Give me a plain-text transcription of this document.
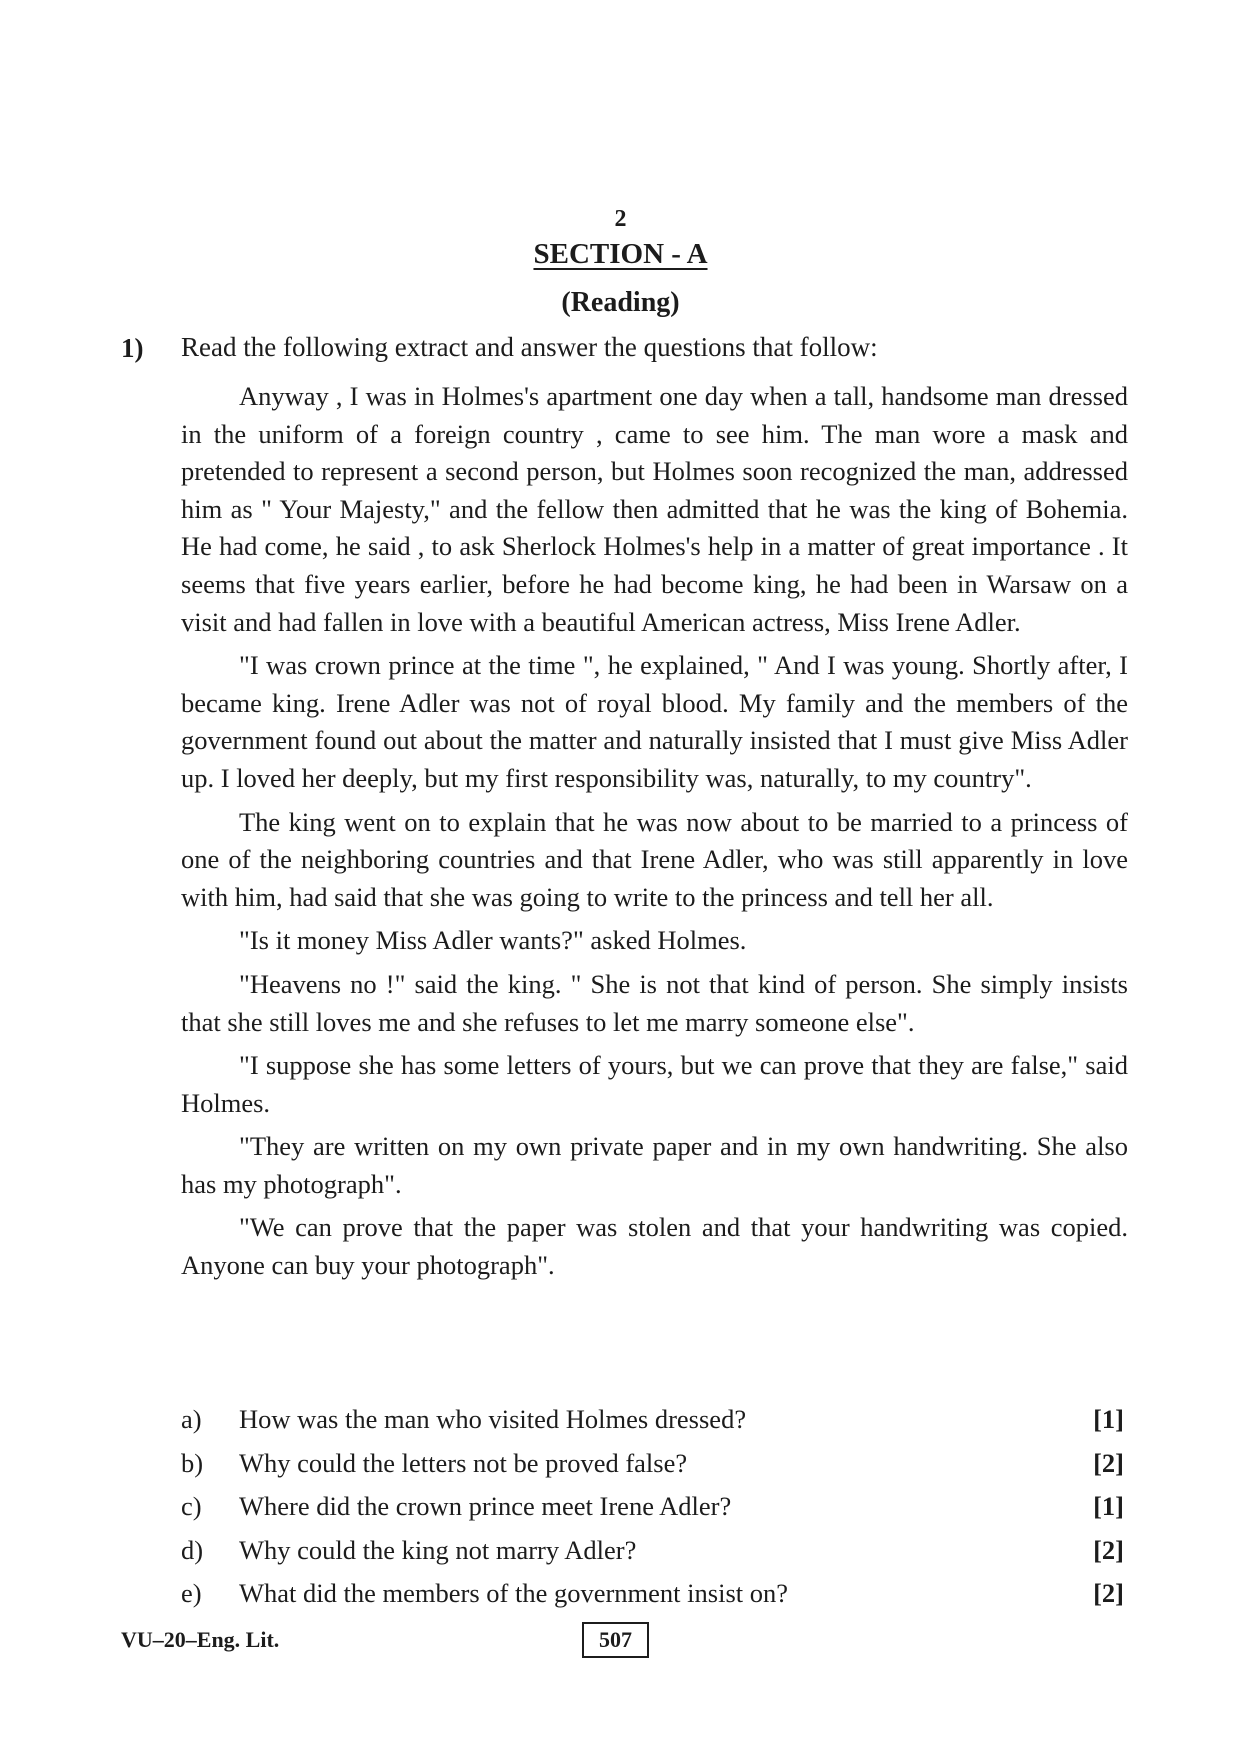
2
SECTION - A
(Reading)
1) Read the following extract and answer the questions that follow:

Anyway , I was in Holmes's apartment one day when a tall, handsome man dressed in the uniform of a foreign country , came to see him. The man wore a mask and pretended to represent a second person, but Holmes soon recognized the man, addressed him as " Your Majesty," and the fellow then admitted that he was the king of Bohemia. He had come, he said , to ask Sherlock Holmes's help in a matter of great importance . It seems that five years earlier, before he had become king, he had been in Warsaw on a visit and had fallen in love with a beautiful American actress, Miss Irene Adler.

"I was crown prince at the time ", he explained, " And I was young. Shortly after, I became king. Irene Adler was not of royal blood. My family and the members of the government found out about the matter and naturally insisted that I must give Miss Adler up. I loved her deeply, but my first responsibility was, naturally, to my country".

The king went on to explain that he was now about to be married to a princess of one of the neighboring countries and that Irene Adler, who was still apparently in love with him, had said that she was going to write to the princess and tell her all.

"Is it money Miss Adler wants?" asked Holmes.

"Heavens no !" said the king. " She is not that kind of person. She simply insists that she still loves me and she refuses to let me marry someone else".

"I suppose she has some letters of yours, but we can prove that they are false," said Holmes.

"They are written on my own private paper and in my own handwriting. She also has my photograph".

"We can prove that the paper was stolen and that your handwriting was copied. Anyone can buy your photograph".

a) How was the man who visited Holmes dressed?	[1]
b) Why could the letters not be proved false?	[2]
c) Where did the crown prince meet Irene Adler?	[1]
d) Why could the king not marry Adler?	[2]
e) What did the members of the government insist on?	[2]
VU–20–Eng. Lit.	507
